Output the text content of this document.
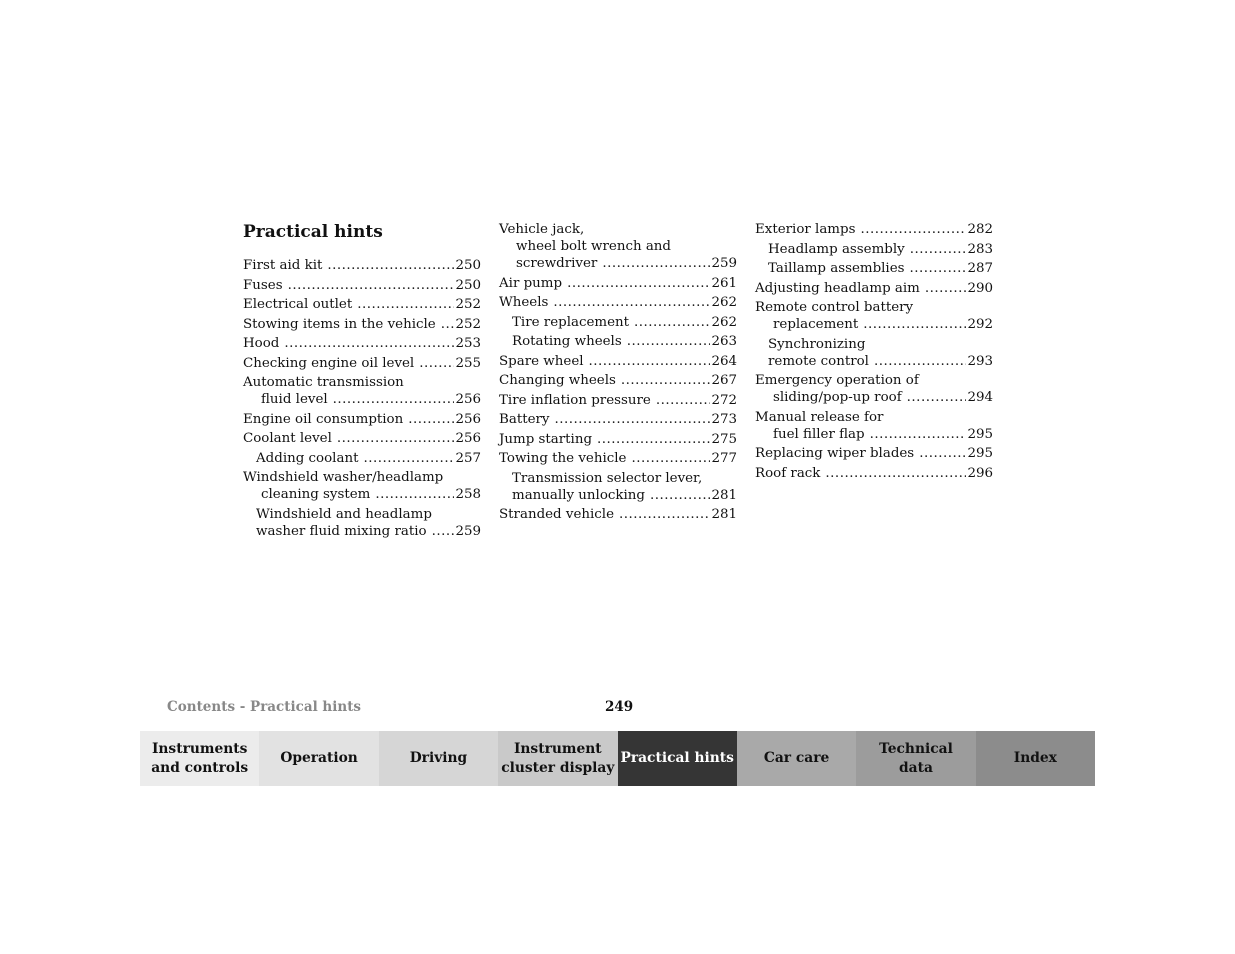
Practical hints
First aid kit .....	250
Fuses .....	250
Electrical outlet .....	252
Stowing items in the vehicle ..... 252
Hood .....	253
Checking engine oil level .....	255
Automatic transmission
fluid level .....	256
Engine oil consumption .....	256
Coolant level .....	256
Adding coolant .....	257
Windshield washer/headlamp
cleaning system .....	258
Windshield and headlamp
washer fluid mixing ratio ..... 259
Vehicle jack,
wheel bolt wrench and
screwdriver .....	259
Air pump .....	261
Wheels .....	262
Tire replacement .....	262
Rotating wheels .....	263
Spare wheel .....	264
Changing wheels .....	267
Tire inflation pressure .....	272
Battery .....	273
Jump starting .....	275
Towing the vehicle .....	277
Transmission selector lever,
manually unlocking .....	281
Stranded vehicle .....	281
Exterior lamps .....	282
Headlamp assembly .....	283
Taillamp assemblies .....	287
Adjusting headlamp aim .....	290
Remote control battery
replacement .....	292
Synchronizing
remote control .....	293
Emergency operation of
sliding/pop-up roof .....	294
Manual release for
fuel filler flap .....	295
Replacing wiper blades .....	295
Roof rack .....	296
Contents - Practical hints	249
Instruments
and controls
Operation	Driving
Instrument
cluster display
Practical hints Car care
Technical
data
Index
